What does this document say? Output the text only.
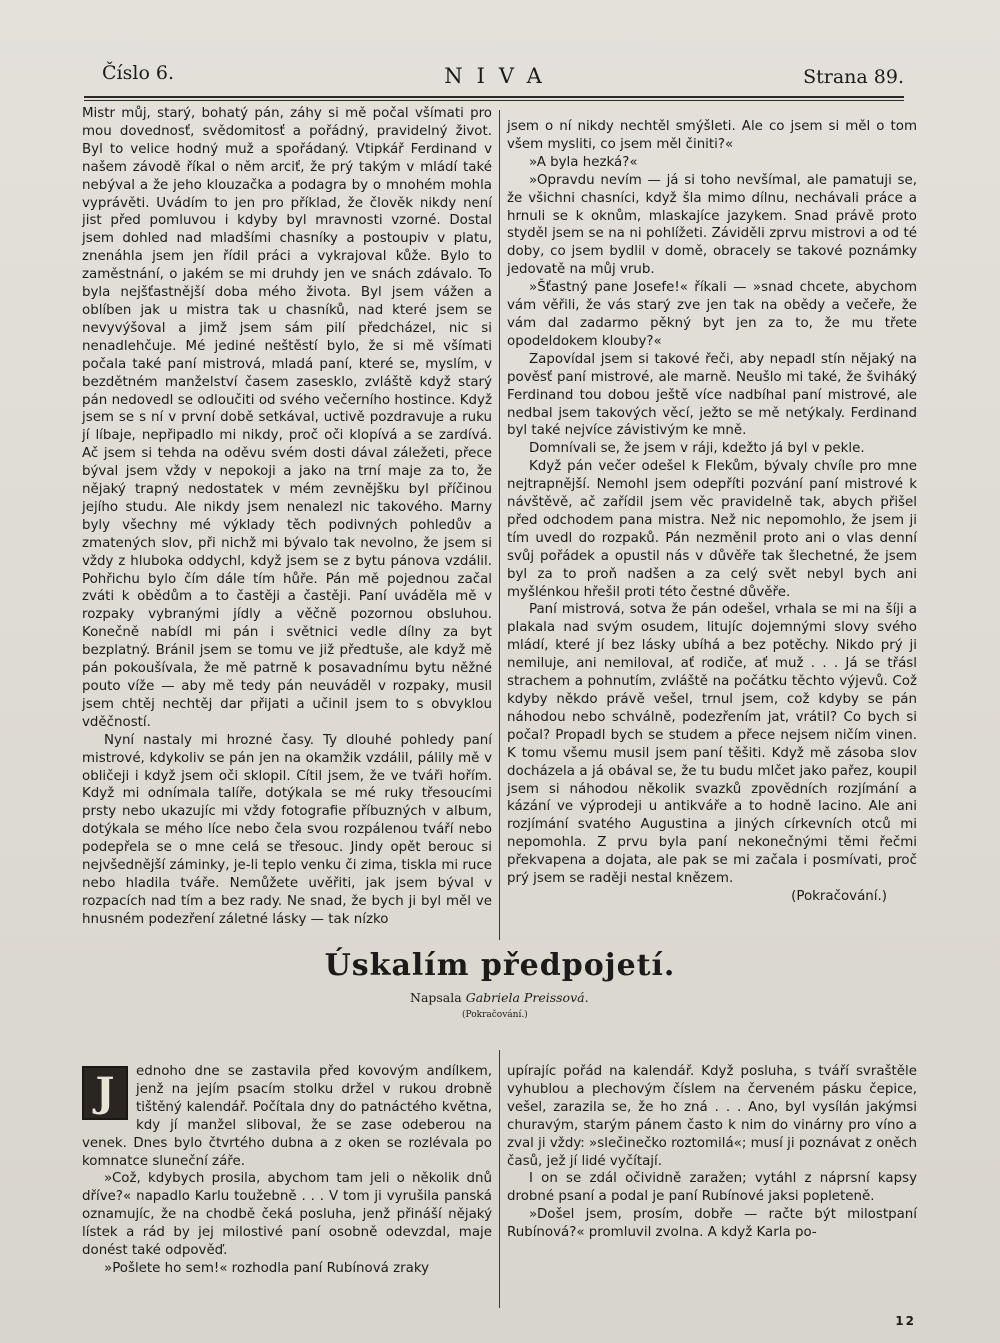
Číslo 6.	NIVA	Strana 89.

Mistr můj, starý, bohatý pán, záhy si mě počal všímati pro mou dovednosť, svědomitosť a pořádný, pravidelný život. Byl to velice hodný muž a spořádaný. Vtipkář Ferdinand v našem závodě říkal o něm arciť, že prý takým v mládí také nebýval a že jeho klouzačka a podagra by o mnohém mohla vyprávěti. Uvádím to jen pro příklad, že člověk nikdy není jist před pomluvou i kdyby byl mravnosti vzorné. Dostal jsem dohled nad mladšími chasníky a postoupiv v platu, znenáhla jsem jen řídil práci a vykrajoval kůže. Bylo to zaměstnání, o jakém se mi druhdy jen ve snách zdávalo. To byla nejšťastnější doba mého života. Byl jsem vážen a oblíben jak u mistra tak u chasníků, nad které jsem se nevyvýšoval a jimž jsem sám pilí předcházel, nic si nenadlehčuje. Mé jediné neštěstí bylo, že si mě všímati počala také paní mistrová, mladá paní, které se, myslím, v bezdětném manželství časem zasesklo, zvláště když starý pán nedovedl se odloučiti od svého večerního hostince. Když jsem se s ní v první době setkával, uctivě pozdravuje a ruku jí líbaje, nepřipadlo mi nikdy, proč oči klopívá a se zardívá. Ač jsem si tehda na oděvu svém dosti dával záležeti, přece býval jsem vždy v nepokoji a jako na trní maje za to, že nějaký trapný nedostatek v mém zevnějšku byl příčinou jejího studu. Ale nikdy jsem nenalezl nic takového. Marny byly všechny mé výklady těch podivných pohledův a zmatených slov, při nichž mi bývalo tak nevolno, že jsem si vždy z hluboka oddychl, když jsem se z bytu pánova vzdálil. Pohřichu bylo čím dále tím hůře. Pán mě pojednou začal zváti k obědům a to častěji a častěji. Paní uváděla mě v rozpaky vybranými jídly a věčně pozornou obsluhou. Konečně nabídl mi pán i světnici vedle dílny za byt bezplatný. Bránil jsem se tomu ve již předtuše, ale když mě pán pokoušívala, že mě patrně k posavadnímu bytu něžné pouto víže — aby mě tedy pán neuváděl v rozpaky, musil jsem chtěj nechtěj dar přijati a učinil jsem to s obvyklou vděčností.

Nyní nastaly mi hrozné časy. Ty dlouhé pohledy paní mistrové, kdykoliv se pán jen na okamžik vzdálil, pálily mě v obličeji i když jsem oči sklopil. Cítil jsem, že ve tváři hořím. Když mi odnímala talíře, dotýkala se mé ruky třesoucími prsty nebo ukazujíc mi vždy fotografie příbuzných v album, dotýkala se mého líce nebo čela svou rozpálenou tváří nebo podepřela se o mne celá se třesouc. Jindy opět berouc si nejvšednější záminky, je-li teplo venku či zima, tiskla mi ruce nebo hladila tváře. Nemůžete uvěřiti, jak jsem býval v rozpacích nad tím a bez rady. Ne snad, že bych ji byl měl ve hnusném podezření záletné lásky — tak nízko

jsem o ní nikdy nechtěl smýšleti. Ale co jsem si měl o tom všem mysliti, co jsem měl činiti?«

»A byla hezká?«

»Opravdu nevím — já si toho nevšímal, ale pamatuji se, že všichni chasníci, když šla mimo dílnu, nechávali práce a hrnuli se k oknům, mlaskajíce jazykem. Snad právě proto styděl jsem se na ni pohlížeti. Záviděli zprvu mistrovi a od té doby, co jsem bydlil v domě, obracely se takové poznámky jedovatě na můj vrub.

»Šťastný pane Josefe!« říkali — »snad chcete, abychom vám věřili, že vás starý zve jen tak na obědy a večeře, že vám dal zadarmo pěkný byt jen za to, že mu třete opodeldokem klouby?«

Zapovídal jsem si takové řeči, aby nepadl stín nějaký na pověsť paní mistrové, ale marně. Neušlo mi také, že šviháký Ferdinand tou dobou ještě více nadbíhal paní mistrové, ale nedbal jsem takových věcí, ježto se mě netýkaly. Ferdinand byl také nejvíce závistivým ke mně.

Domnívali se, že jsem v ráji, kdežto já byl v pekle.

Když pán večer odešel k Flekům, bývaly chvíle pro mne nejtrapnější. Nemohl jsem odepříti pozvání paní mistrové k návštěvě, ač zařídil jsem věc pravidelně tak, abych přišel před odchodem pana mistra. Než nic nepomohlo, že jsem ji tím uvedl do rozpaků. Pán nezměnil proto ani o vlas denní svůj pořádek a opustil nás v důvěře tak šlechetné, že jsem byl za to proň nadšen a za celý svět nebyl bych ani myšlénkou hřešil proti této čestné důvěře.

Paní mistrová, sotva že pán odešel, vrhala se mi na šíji a plakala nad svým osudem, litujíc dojemnými slovy svého mládí, které jí bez lásky ubíhá a bez potěchy. Nikdo prý ji nemiluje, ani nemiloval, ať rodiče, ať muž . . . Já se třásl strachem a pohnutím, zvláště na počátku těchto výjevů. Což kdyby někdo právě vešel, trnul jsem, což kdyby se pán náhodou nebo schválně, podezřením jat, vrátil? Co bych si počal? Propadl bych se studem a přece nejsem ničím vinen. K tomu všemu musil jsem paní těšiti. Když mě zásoba slov docházela a já obával se, že tu budu mlčet jako pařez, koupil jsem si náhodou několik svazků zpovědních rozjímání a kázání ve výprodeji u antikváře a to hodně lacino. Ale ani rozjímání svatého Augustina a jiných církevních otců mi nepomohla. Z prvu byla paní nekonečnými těmi řečmi překvapena a dojata, ale pak se mi začala i posmívati, proč prý jsem se raději nestal knězem.

(Pokračování.)

Úskalím předpojetí.
Napsala Gabriela Preissová.
(Pokračování.)

J	ednoho dne se zastavila před kovovým andílkem, jenž na jejím psacím stolku držel v rukou drobně tištěný kalendář. Počítala dny do patnáctého května, kdy jí manžel sliboval, že se zase odeberou na venek. Dnes bylo čtvrtého dubna a z oken se rozlévala po komnatce sluneční záře.

»Což, kdybych prosila, abychom tam jeli o několik dnů dříve?« napadlo Karlu toužebně . . . V tom ji vyrušila panská oznamujíc, že na chodbě čeká posluha, jenž přináší nějaký lístek a rád by jej milostivé paní osobně odevzdal, maje donést také odpověď.

»Pošlete ho sem!« rozhodla paní Rubínová zraky

upírajíc pořád na kalendář. Když posluha, s tváří svraštěle vyhublou a plechovým číslem na červeném pásku čepice, vešel, zarazila se, že ho zná . . . Ano, byl vysílán jakýmsi churavým, starým pánem často k nim do vinárny pro víno a zval ji vždy: »slečinečko roztomilá«; musí ji poznávat z oněch časů, jež jí lidé vyčítají.

I on se zdál očividně zaražen; vytáhl z náprsní kapsy drobné psaní a podal je paní Rubínové jaksi popleteně.

»Došel jsem, prosím, dobře — račte být milostpaní Rubínová?« promluvil zvolna. A když Karla po-

12
